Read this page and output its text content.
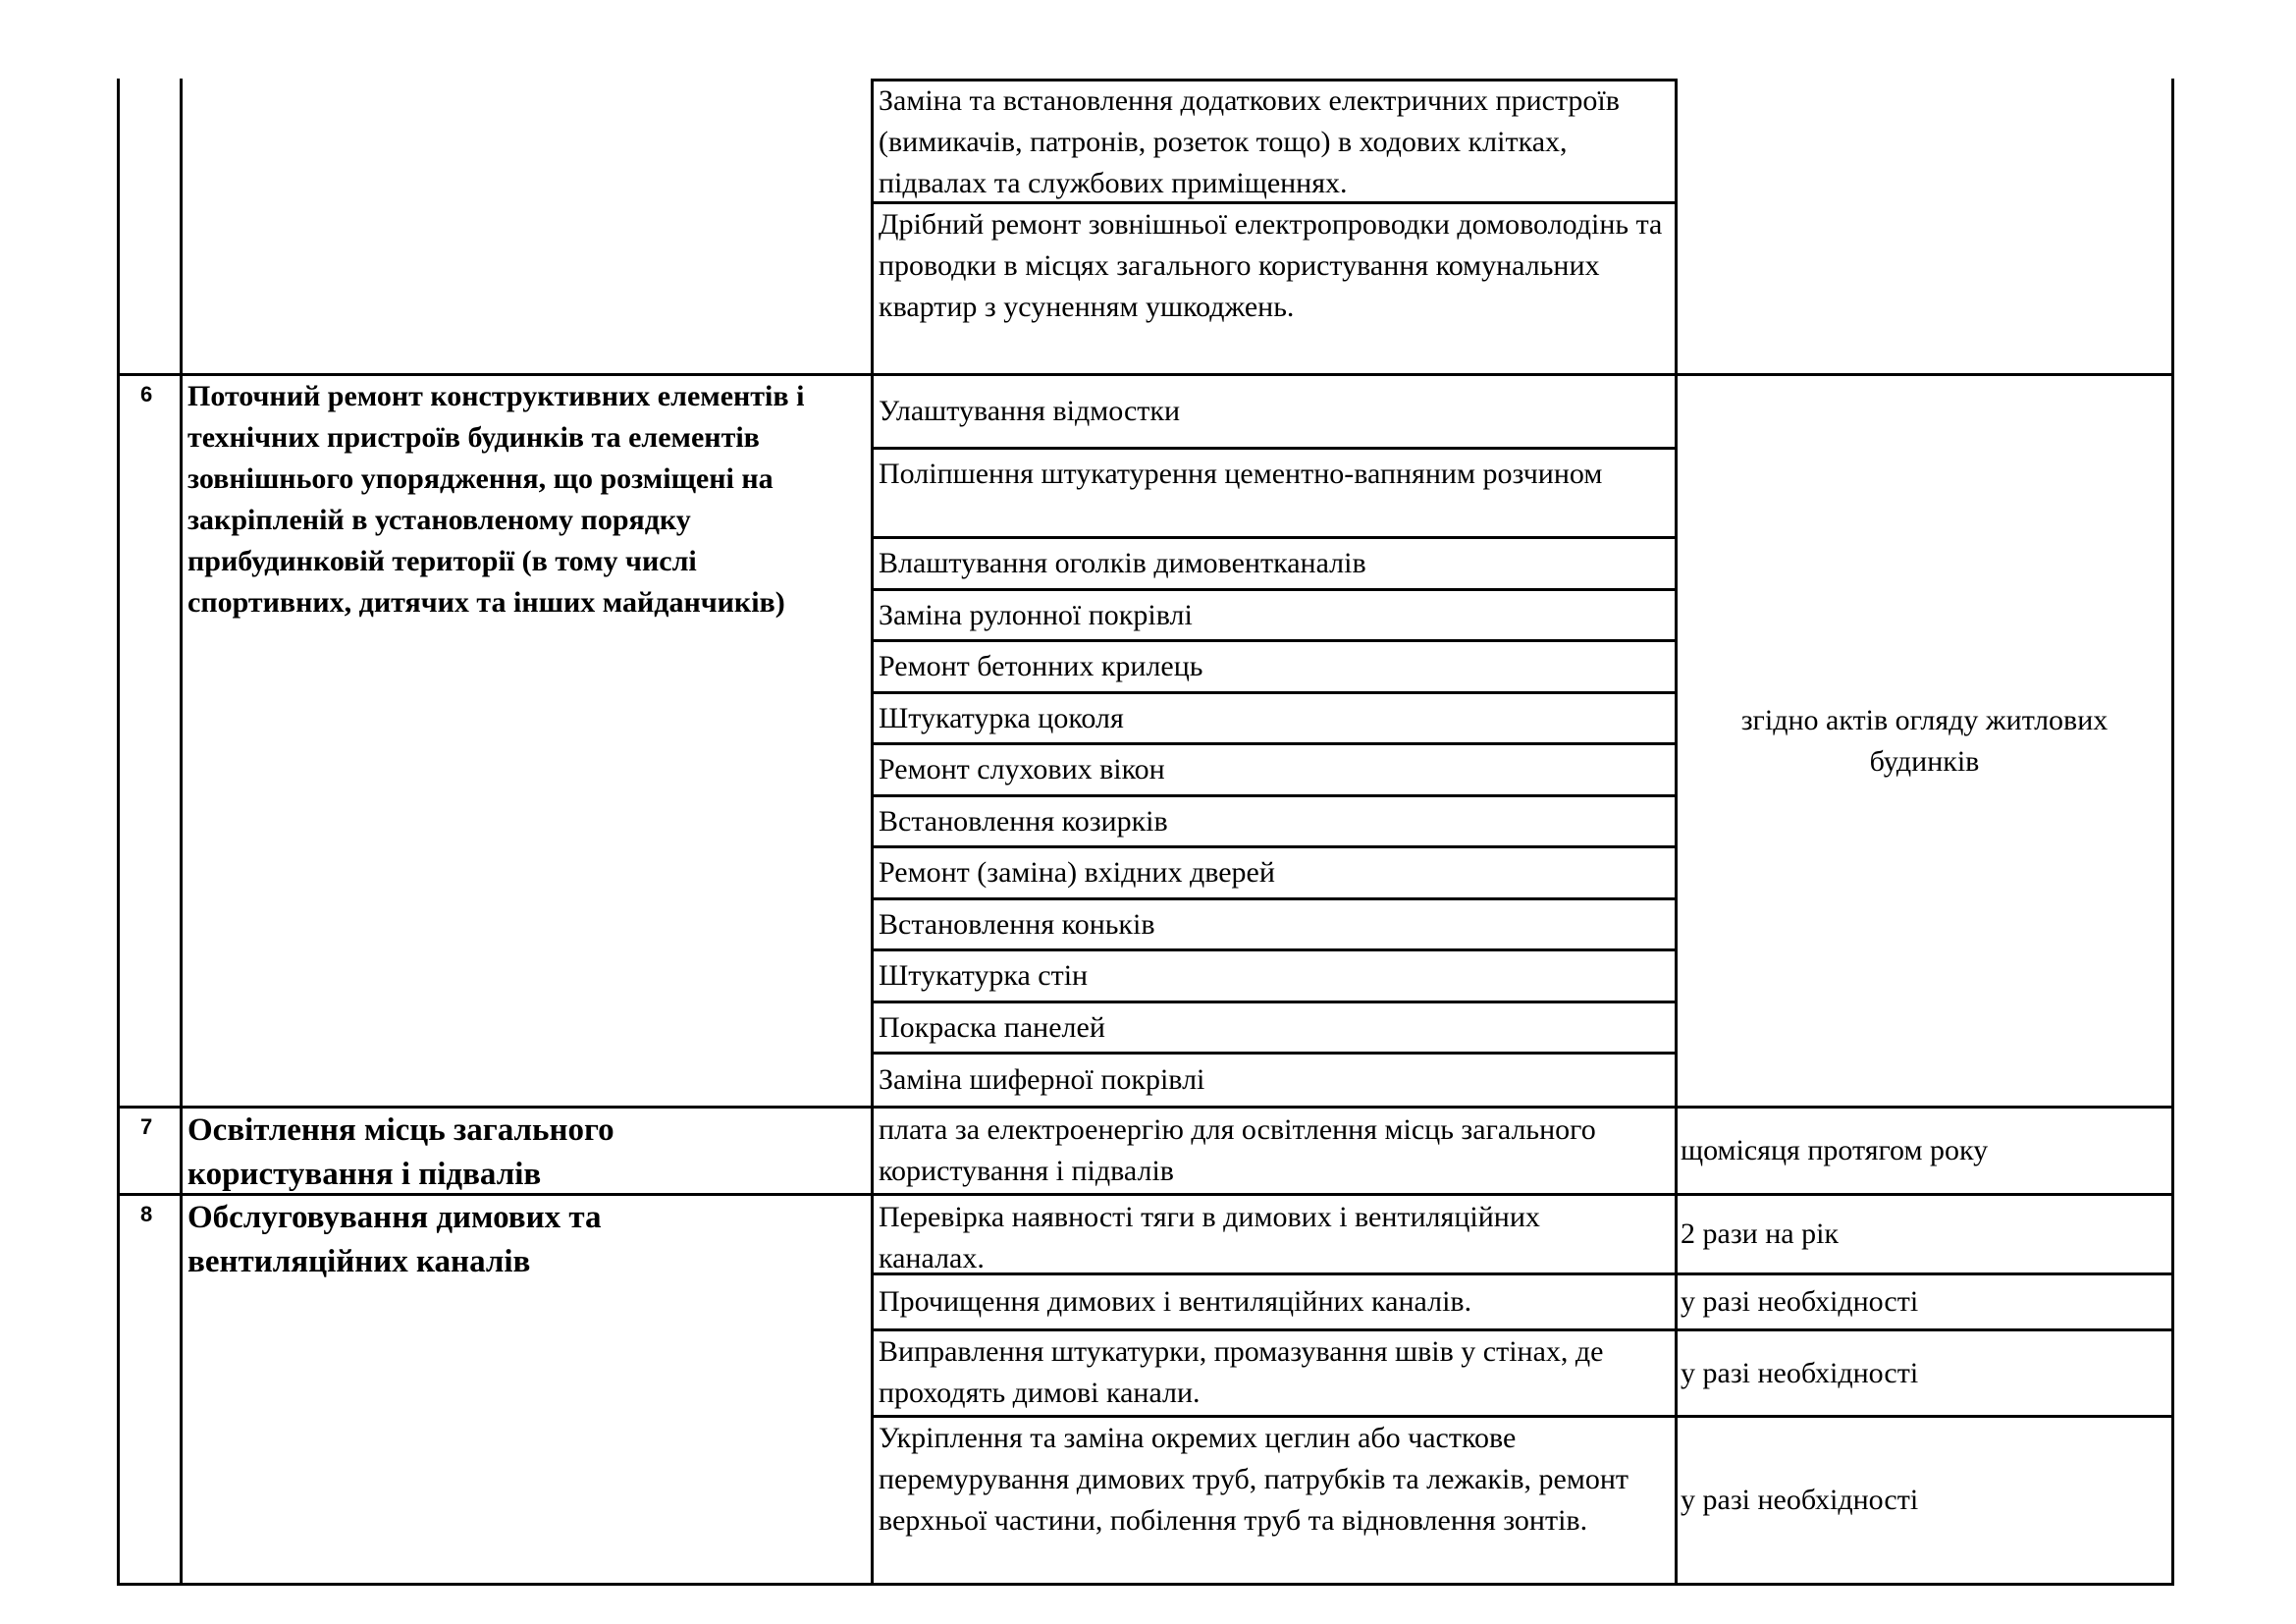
Заміна та встановлення додаткових електричних пристроїв (вимикачів, патронів, розеток тощо) в ходових клітках, підвалах та службових приміщеннях.
Дрібний ремонт зовнішньої електропроводки домоволодінь та проводки в місцях загального користування комунальних квартир з усуненням ушкоджень.
6 Поточний ремонт конструктивних елементів і технічних пристроїв будинків та елементів зовнішнього упорядження, що розміщені на закріпленій в установленому порядку прибудинковій території (в тому числі спортивних, дитячих та інших майданчиків)
Улаштування відмостки
Поліпшення штукатурення цементно-вапняним розчином
Влаштування оголків димовентканалів
Заміна рулонної покрівлі
Ремонт бетонних крилець
Штукатурка цоколя
Ремонт слухових вікон
Встановлення козирків
Ремонт (заміна) вхідних дверей
Встановлення коньків
Штукатурка стін
Покраска панелей
Заміна шиферної покрівлі
згідно актів огляду житлових будинків
7 Освітлення місць загального користування і підвалів
плата за електроенергію для освітлення місць загального користування і підвалів
щомісяця протягом року
8 Обслуговування димових та вентиляційних каналів
Перевірка наявності тяги в димових і вентиляційних каналах.
Прочищення димових і вентиляційних каналів.
Виправлення штукатурки, промазування швів у стінах, де проходять димові канали.
Укріплення та заміна окремих цеглин або часткове перемурування димових труб, патрубків та лежаків, ремонт верхньої частини, побілення труб та відновлення зонтів.
2 рази на рік
у разі необхідності
у разі необхідності
у разі необхідності
